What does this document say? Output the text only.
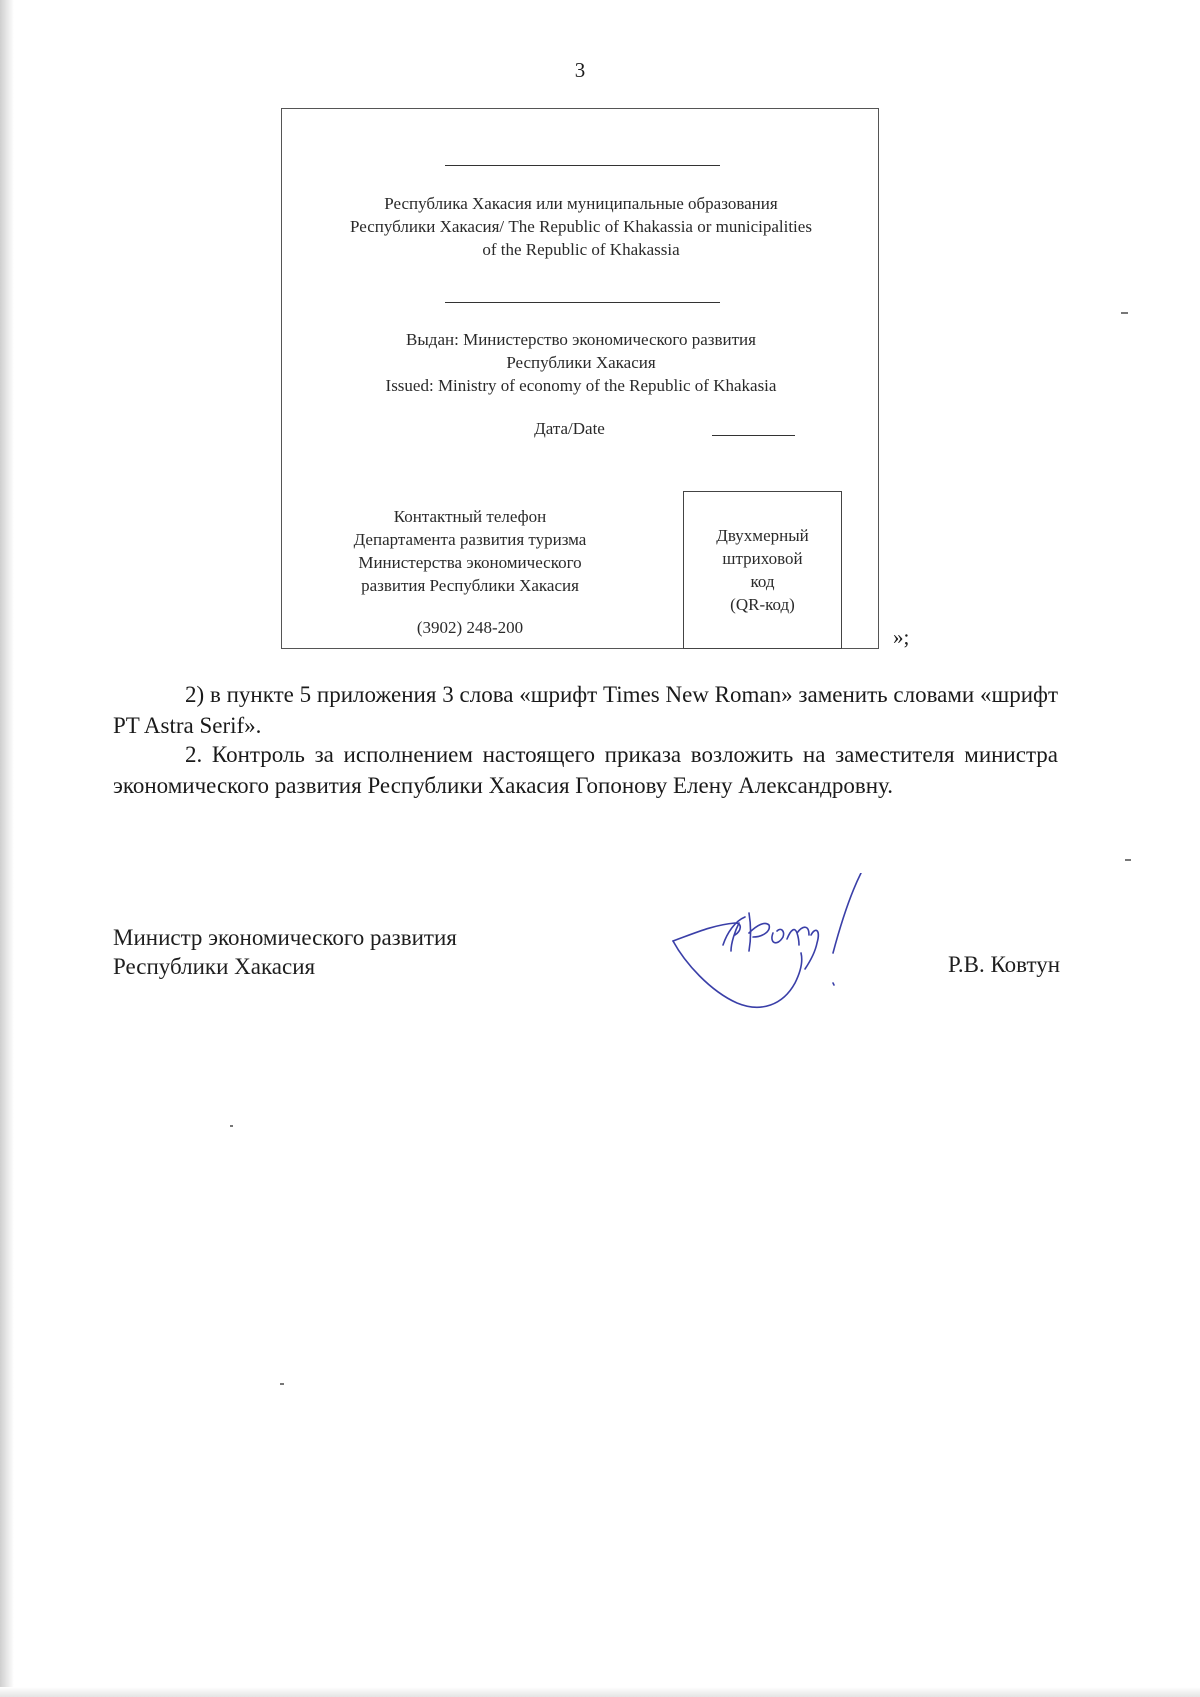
3
Республика Хакасия или муниципальные образования
Республики Хакасия/ The Republic of Khakassia or municipalities
of the Republic of Khakassia
Выдан: Министерство экономического развития
Республики Хакасия
Issued: Ministry of economy of the Republic of Khakasia
Дата/Date
Контактный телефон
Департамента развития туризма
Министерства экономического
развития Республики Хакасия
(3902) 248-200
Двухмерный
штриховой
код
(QR-код)
»;
2) в пункте 5 приложения 3 слова «шрифт Times New Roman» заменить словами «шрифт PT Astra Serif».
2. Контроль за исполнением настоящего приказа возложить на заместителя министра экономического развития Республики Хакасия Гопонову Елену Александровну.
Министр экономического развития
Республики Хакасия	Р.В. Ковтун
